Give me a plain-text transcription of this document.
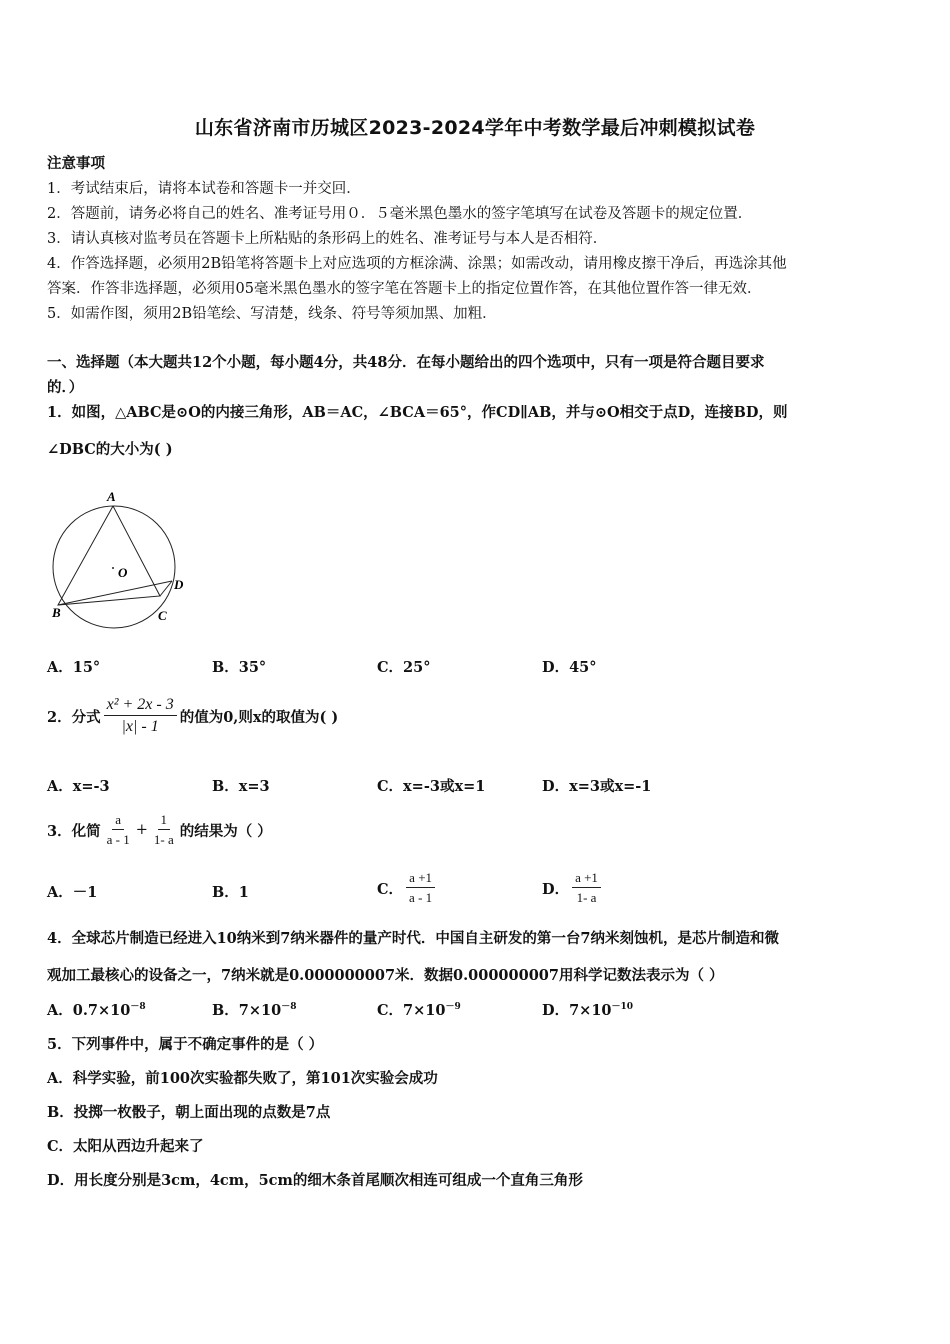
山东省济南市历城区2023-2024学年中考数学最后冲刺模拟试卷
注意事项
1．考试结束后，请将本试卷和答题卡一并交回．
2．答题前，请务必将自己的姓名、准考证号用０．５毫米黑色墨水的签字笔填写在试卷及答题卡的规定位置．
3．请认真核对监考员在答题卡上所粘贴的条形码上的姓名、准考证号与本人是否相符．
4．作答选择题，必须用2B铅笔将答题卡上对应选项的方框涂满、涂黑；如需改动，请用橡皮擦干净后，再选涂其他
答案．作答非选择题，必须用05毫米黑色墨水的签字笔在答题卡上的指定位置作答，在其他位置作答一律无效．
5．如需作图，须用2B铅笔绘、写清楚，线条、符号等须加黑、加粗．
一、选择题（本大题共12个小题，每小题4分，共48分．在每小题给出的四个选项中，只有一项是符合题目要求
的．）
1．如图，△ABC是⊙O的内接三角形，AB＝AC，∠BCA＝65°，作CD∥AB，并与⊙O相交于点D，连接BD，则
∠DBC的大小为( )
A
O
B	C
D
A．15°	B．35°	C．25°	D．45°
2．分式 $\frac{\text{x² + 2x - 3}}{|x| - 1}$ 的值为0,则x的取值为( )
A．x=-3	B．x=3	C．x=-3或x=1	D．x=3或x=-1
3．化简 $\frac{a}{a - 1} + \frac{1}{1- a}$ 的结果为（ ）
A．－1	B．1	C． $\frac{a +1}{a - 1}$	D． $\frac{a +1}{1- a}$
4．全球芯片制造已经进入10纳米到7纳米器件的量产时代．中国自主研发的第一台7纳米刻蚀机，是芯片制造和微
观加工最核心的设备之一，7纳米就是0.000000007米．数据0.000000007用科学记数法表示为（ ）
A．$0.7\times 10^{-8}$	B．$7\times 10^{-8}$	C．$7\times 10^{-9}$	D．$7\times 10^{-10}$
5．下列事件中，属于不确定事件的是（ ）
A．科学实验，前100次实验都失败了，第101次实验会成功
B．投掷一枚骰子，朝上面出现的点数是7点
C．太阳从西边升起来了
D．用长度分别是3cm，4cm，5cm的细木条首尾顺次相连可组成一个直角三角形
